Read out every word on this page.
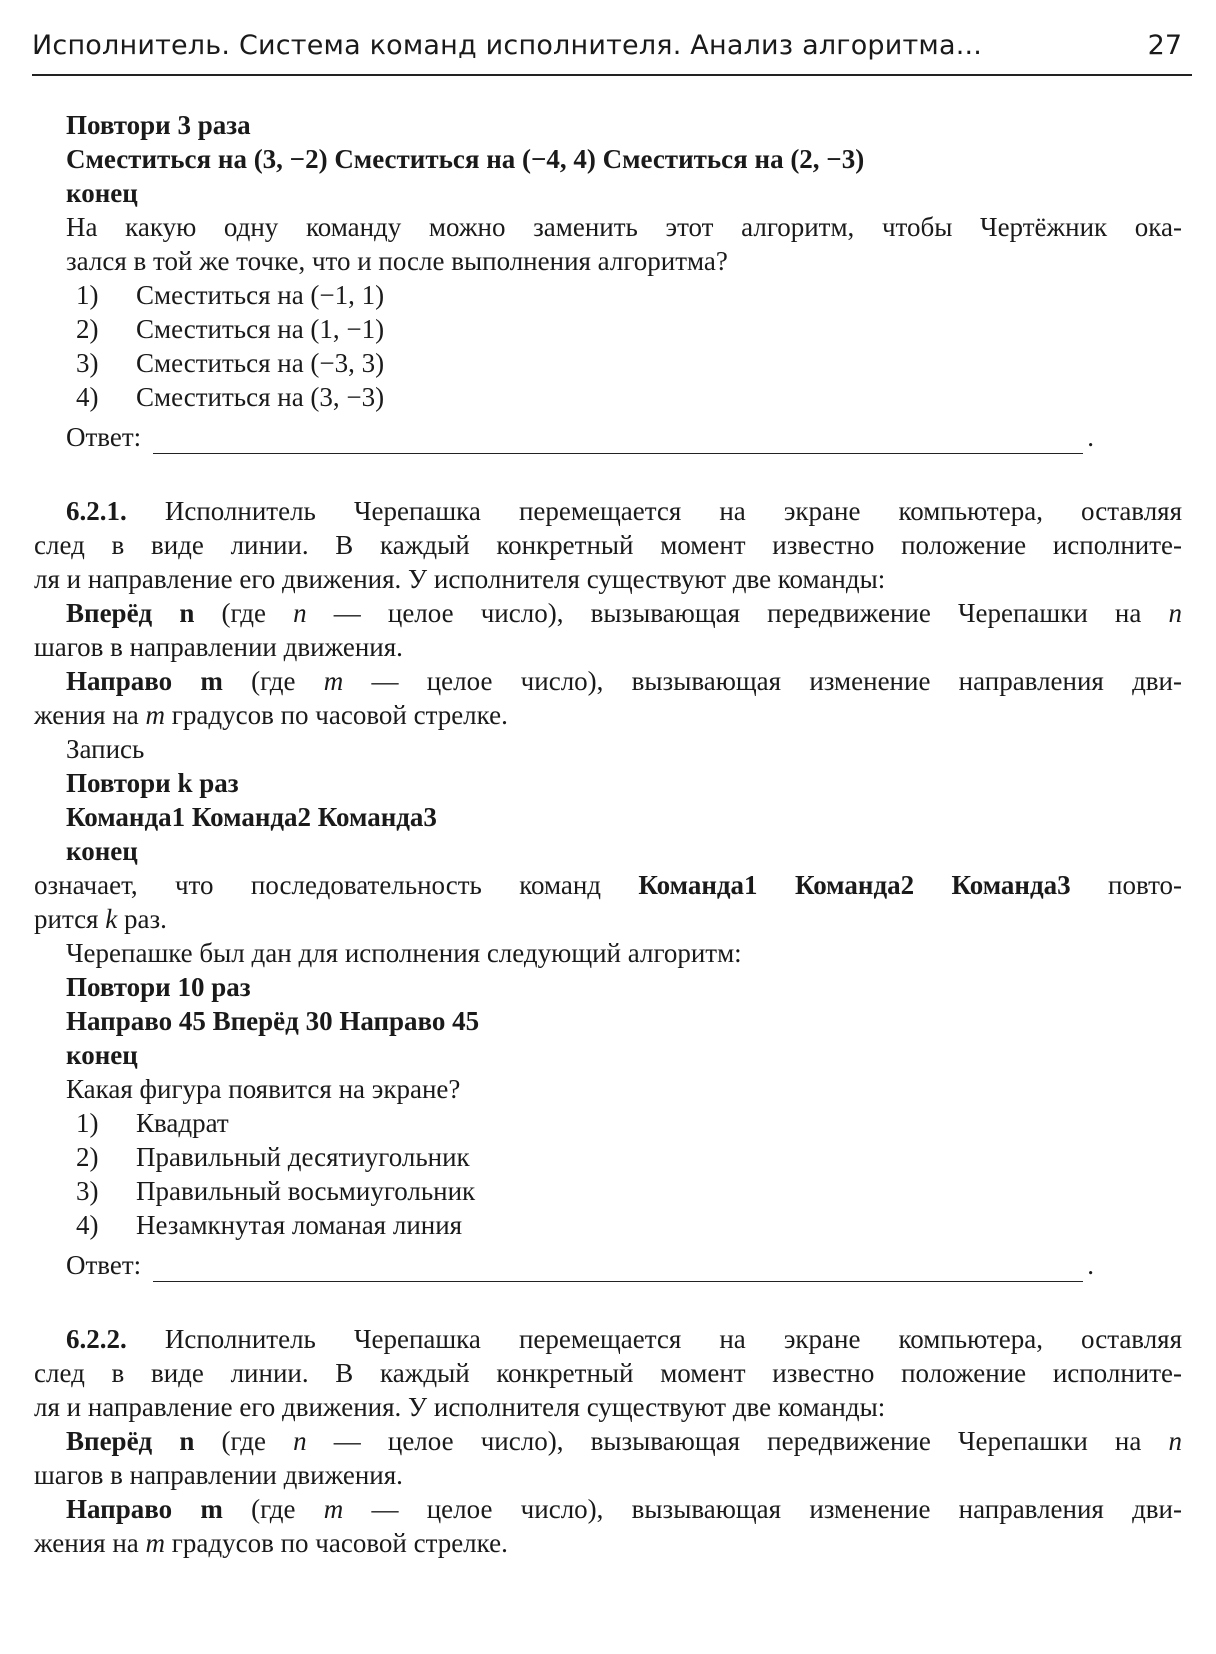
Исполнитель. Система команд исполнителя. Анализ алгоритма...	27
Повтори 3 раза
Сместиться на (3, −2) Сместиться на (−4, 4) Сместиться на (2, −3)
конец
На какую одну команду можно заменить этот алгоритм, чтобы Чертёжник ока-
зался в той же точке, что и после выполнения алгоритма?
1)	Сместиться на (−1, 1)
2)	Сместиться на (1, −1)
3)	Сместиться на (−3, 3)
4)	Сместиться на (3, −3)
Ответ:	.
6.2.1. Исполнитель Черепашка перемещается на экране компьютера, оставляя
след в виде линии. В каждый конкретный момент известно положение исполните-
ля и направление его движения. У исполнителя существуют две команды:
Вперёд n (где n — целое число), вызывающая передвижение Черепашки на n
шагов в направлении движения.
Направо m (где m — целое число), вызывающая изменение направления дви-
жения на m градусов по часовой стрелке.
Запись
Повтори k раз
Команда1 Команда2 Команда3
конец
означает, что последовательность команд Команда1 Команда2 Команда3 повто-
рится k раз.
Черепашке был дан для исполнения следующий алгоритм:
Повтори 10 раз
Направо 45 Вперёд 30 Направо 45
конец
Какая фигура появится на экране?
1)	Квадрат
2)	Правильный десятиугольник
3)	Правильный восьмиугольник
4)	Незамкнутая ломаная линия
Ответ:	.
6.2.2. Исполнитель Черепашка перемещается на экране компьютера, оставляя
след в виде линии. В каждый конкретный момент известно положение исполните-
ля и направление его движения. У исполнителя существуют две команды:
Вперёд n (где n — целое число), вызывающая передвижение Черепашки на n
шагов в направлении движения.
Направо m (где m — целое число), вызывающая изменение направления дви-
жения на m градусов по часовой стрелке.
